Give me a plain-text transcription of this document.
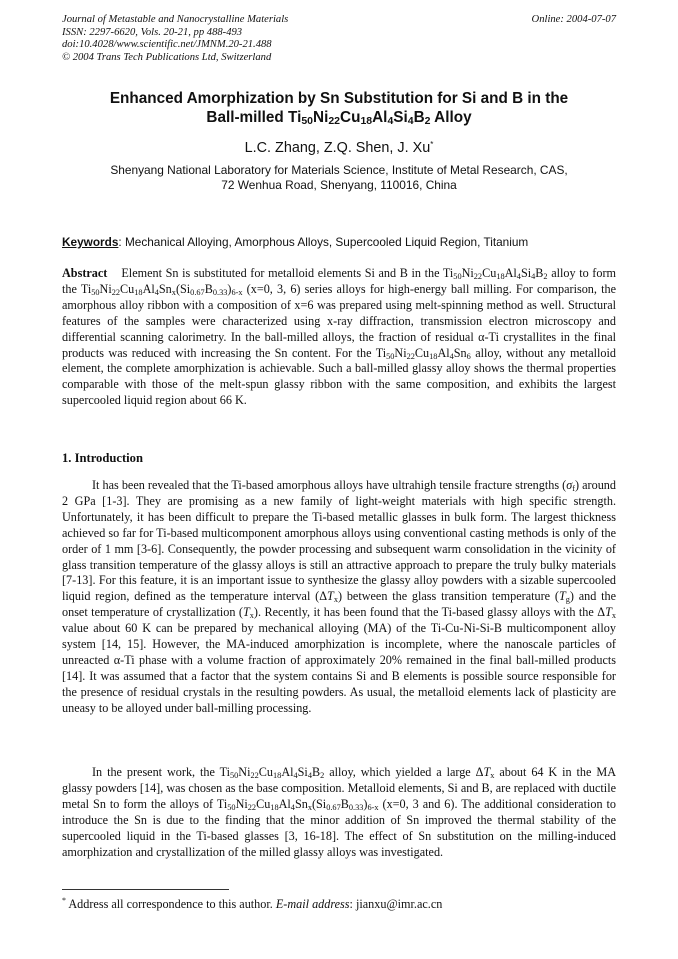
Journal of Metastable and Nanocrystalline Materials
ISSN: 2297-6620, Vols. 20-21, pp 488-493
doi:10.4028/www.scientific.net/JMNM.20-21.488
© 2004 Trans Tech Publications Ltd, Switzerland
Online: 2004-07-07
Enhanced Amorphization by Sn Substitution for Si and B in the
Ball-milled $Ti_{50}Ni_{22}Cu_{18}Al_4Si_4B_2$ Alloy
L.C. Zhang, Z.Q. Shen, J. Xu*
Shenyang National Laboratory for Materials Science, Institute of Metal Research, CAS,
72 Wenhua Road, Shenyang, 110016, China
Keywords: Mechanical Alloying, Amorphous Alloys, Supercooled Liquid Region, Titanium
Abstract Element Sn is substituted for metalloid elements Si and B in the $Ti_{50}Ni_{22}Cu_{18}Al_4Si_4B_2$ alloy to form the $Ti_{50}Ni_{22}Cu_{18}Al_4Sn_x(Si_{0.67}B_{0.33})_{6-x}$ (x=0, 3, 6) series alloys for high-energy ball milling. For comparison, the amorphous alloy ribbon with a composition of x=6 was prepared using melt-spinning method as well. Structural features of the samples were characterized using x-ray diffraction, transmission electron microscopy and differential scanning calorimetry. In the ball-milled alloys, the fraction of residual α-Ti crystallites in the final products was reduced with increasing the Sn content. For the $Ti_{50}Ni_{22}Cu_{18}Al_4Sn_6$ alloy, without any metalloid element, the complete amorphization is achievable. Such a ball-milled glassy alloy shows the thermal properties comparable with those of the melt-spun glassy ribbon with the same composition, and exhibits the largest supercooled liquid region about 66 K.
1. Introduction
It has been revealed that the Ti-based amorphous alloys have ultrahigh tensile fracture strengths $(\sigma_f)$ around 2 GPa [1-3]. They are promising as a new family of light-weight materials with high specific strength. Unfortunately, it has been difficult to prepare the Ti-based metallic glasses in bulk form. The largest thickness achieved so far for Ti-based multicomponent amorphous alloys using conventional casting methods is only of the order of 1 mm [3-6]. Consequently, the powder processing and subsequent warm consolidation in the vicinity of glass transition temperature of the glassy alloys is still an attractive approach to prepare the truly bulky materials [7-13]. For this feature, it is an important issue to synthesize the glassy alloy powders with a sizable supercooled liquid region, defined as the temperature interval $(\Delta T_x)$ between the glass transition temperature $(T_g)$ and the onset temperature of crystallization $(T_x)$. Recently, it has been found that the Ti-based glassy alloys with the $\Delta T_x$ value about 60 K can be prepared by mechanical alloying (MA) of the Ti-Cu-Ni-Si-B multicomponent alloy system [14, 15]. However, the MA-induced amorphization is incomplete, where the nanoscale particles of unreacted α-Ti phase with a volume fraction of approximately 20% remained in the final ball-milled products [14]. It was assumed that a factor that the system contains Si and B elements is possible source responsible for the presence of residual crystals in the resulting powders. As usual, the metalloid elements lack of plasticity are uneasy to be alloyed under ball-milling processing.
In the present work, the $Ti_{50}Ni_{22}Cu_{18}Al_4Si_4B_2$ alloy, which yielded a large $\Delta T_x$ about 64 K in the MA glassy powders [14], was chosen as the base composition. Metalloid elements, Si and B, are replaced with ductile metal Sn to form the alloys of $Ti_{50}Ni_{22}Cu_{18}Al_4Sn_x(Si_{0.67}B_{0.33})_{6-x}$ (x=0, 3 and 6). The additional consideration to introduce the Sn is due to the finding that the minor addition of Sn improved the thermal stability of the supercooled liquid in the Ti-based glasses [3, 16-18]. The effect of Sn substitution on the milling-induced amorphization and crystallization of the milled glassy alloys was investigated.
* Address all correspondence to this author. E-mail address: jianxu@imr.ac.cn
